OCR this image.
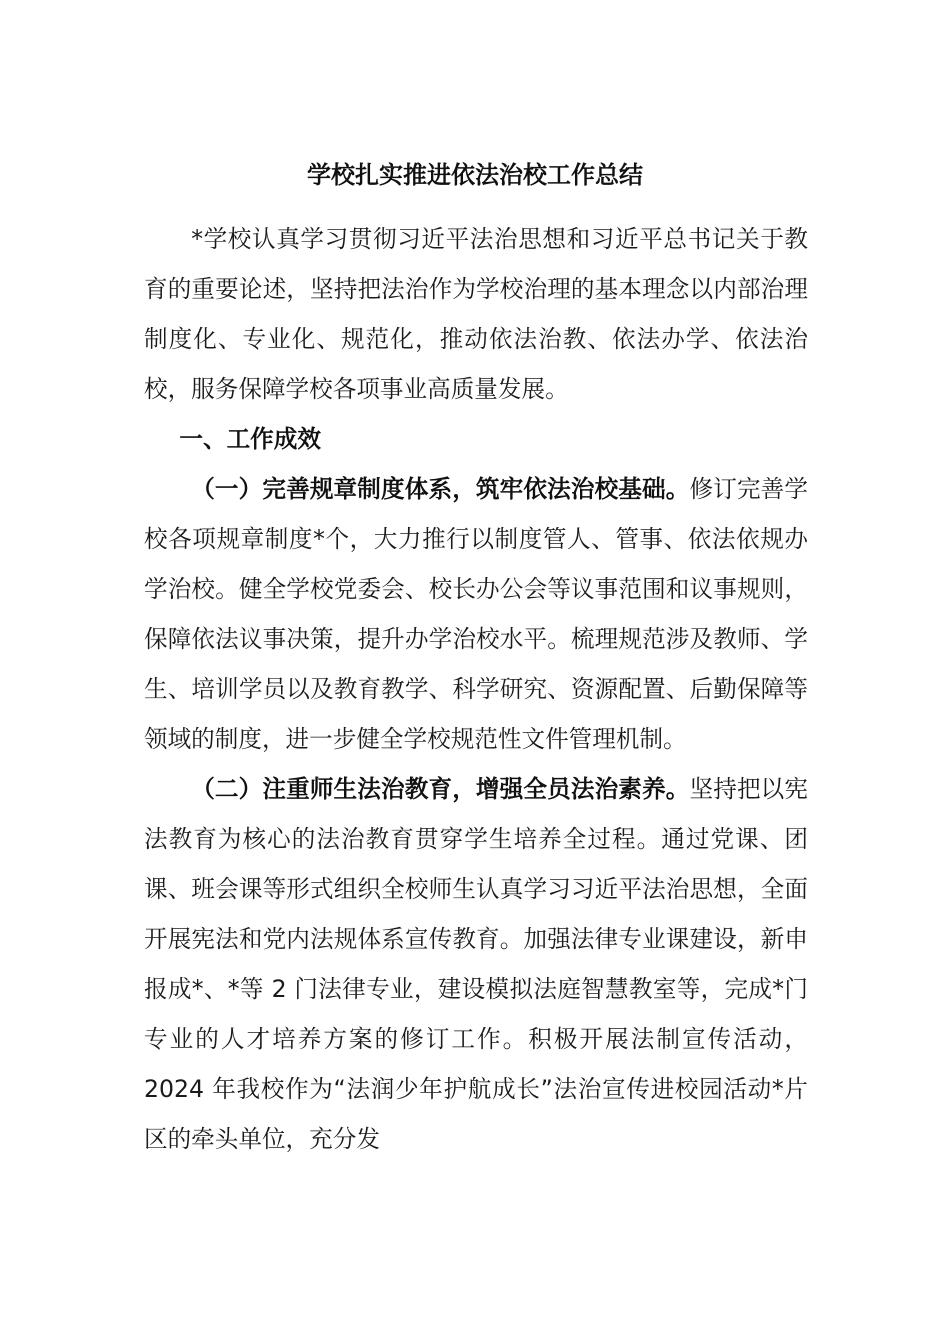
学校扎实推进依法治校工作总结

*学校认真学习贯彻习近平法治思想和习近平总书记关于教育的重要论述，坚持把法治作为学校治理的基本理念以内部治理制度化、专业化、规范化，推动依法治教、依法办学、依法治校，服务保障学校各项事业高质量发展。

一、工作成效

（一）完善规章制度体系，筑牢依法治校基础。修订完善学校各项规章制度*个，大力推行以制度管人、管事、依法依规办学治校。健全学校党委会、校长办公会等议事范围和议事规则，保障依法议事决策，提升办学治校水平。梳理规范涉及教师、学生、培训学员以及教育教学、科学研究、资源配置、后勤保障等领域的制度，进一步健全学校规范性文件管理机制。

（二）注重师生法治教育，增强全员法治素养。坚持把以宪法教育为核心的法治教育贯穿学生培养全过程。通过党课、团课、班会课等形式组织全校师生认真学习习近平法治思想，全面开展宪法和党内法规体系宣传教育。加强法律专业课建设，新申报成*、*等 2 门法律专业，建设模拟法庭智慧教室等，完成*门专业的人才培养方案的修订工作。积极开展法制宣传活动，2024 年我校作为“法润少年护航成长”法治宣传进校园活动*片区的牵头单位，充分发
